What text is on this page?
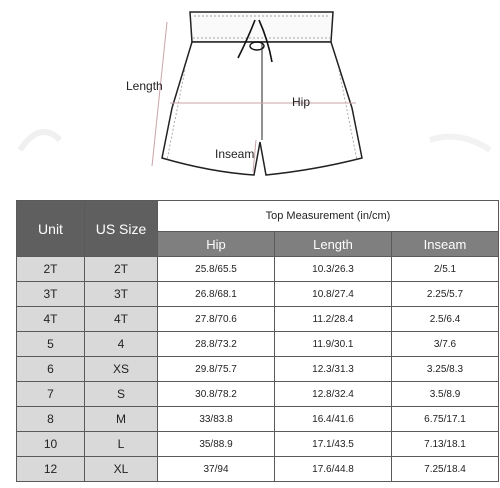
Length
Hip
Inseam
Unit	US Size	Top Measurement (in/cm)		
		Hip	Length	Inseam
2T	2T	25.8/65.5	10.3/26.3	2/5.1
3T	3T	26.8/68.1	10.8/27.4	2.25/5.7
4T	4T	27.8/70.6	11.2/28.4	2.5/6.4
5	4	28.8/73.2	11.9/30.1	3/7.6
6	XS	29.8/75.7	12.3/31.3	3.25/8.3
7	S	30.8/78.2	12.8/32.4	3.5/8.9
8	M	33/83.8	16.4/41.6	6.75/17.1
10	L	35/88.9	17.1/43.5	7.13/18.1
12	XL	37/94	17.6/44.8	7.25/18.4
